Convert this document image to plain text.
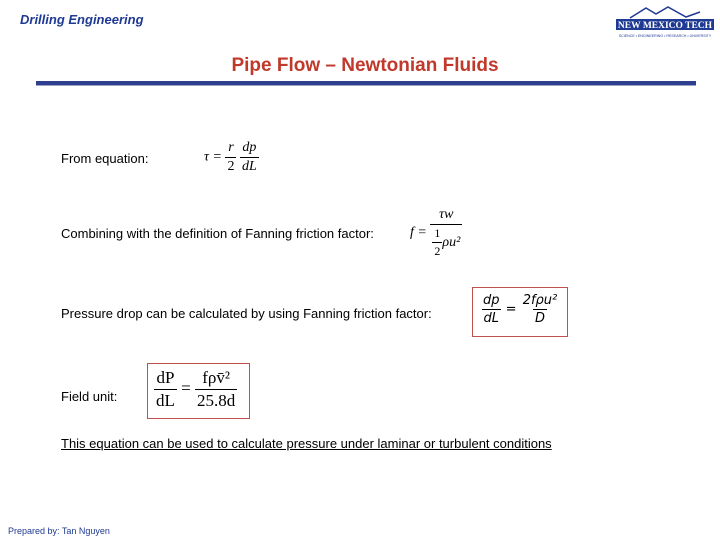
Drilling Engineering	NEW MEXICO TECH
SCIENCE • ENGINEERING • RESEARCH • UNIVERSITY
Pipe Flow – Newtonian Fluids
From equation:	$\tau = \frac{r}{2}$
$\frac{dp}{dL}$
Combining with the definition of Fanning friction factor:	$f = \frac{\tau w}{\frac{1}{2} \rho u^2}$
Pressure drop can be calculated by using Fanning friction factor:	$\frac{dp}{dL} = \frac{\text{2fρu²}}{D}$
Field unit: $\frac{dP}{dL} = \frac{\text{fρv̄²}}{25.8d}$
This equation can be used to calculate pressure under laminar or turbulent conditions
Prepared by: Tan Nguyen
